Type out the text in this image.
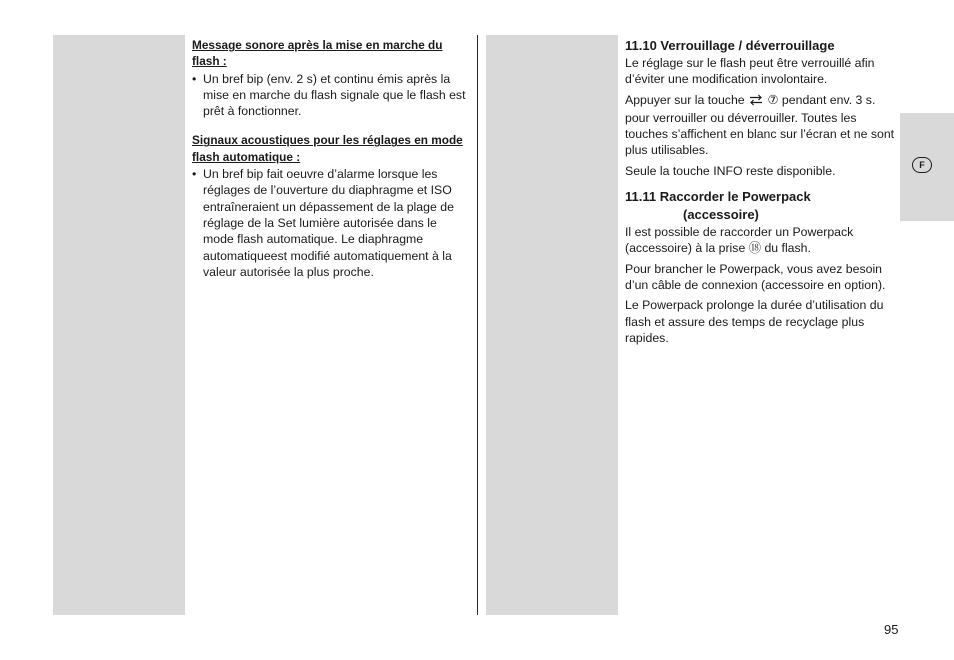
Message sonore après la mise en marche du flash :

• Un bref bip (env. 2 s) et continu émis après la mise en marche du flash signale que le flash est prêt à fonctionner.

Signaux acoustiques pour les réglages en mode flash automatique :

• Un bref bip fait oeuvre d’alarme lorsque les réglages de l’ouverture du diaphragme et ISO entraîneraient un dépassement de la plage de réglage de la Set lumière autorisée dans le mode flash automatique. Le diaphragme automatiqueest modifié automatiquement à la valeur autorisée la plus proche.

11.10 Verrouillage / déverrouillage

Le réglage sur le flash peut être verrouillé afin d’éviter une modification involontaire.

Appuyer sur la touche ⑦ pendant env. 3 s. pour verrouiller ou déverrouiller. Toutes les touches s’affichent en blanc sur l’écran et ne sont plus utilisables.

Seule la touche INFO reste disponible.

11.11 Raccorder le Powerpack

(accessoire)

Il est possible de raccorder un Powerpack (accessoire) à la prise ⑱ du flash.

Pour brancher le Powerpack, vous avez besoin d’un câble de connexion (accessoire en option).

Le Powerpack prolonge la durée d’utilisation du flash et assure des temps de recyclage plus rapides.

F
95
